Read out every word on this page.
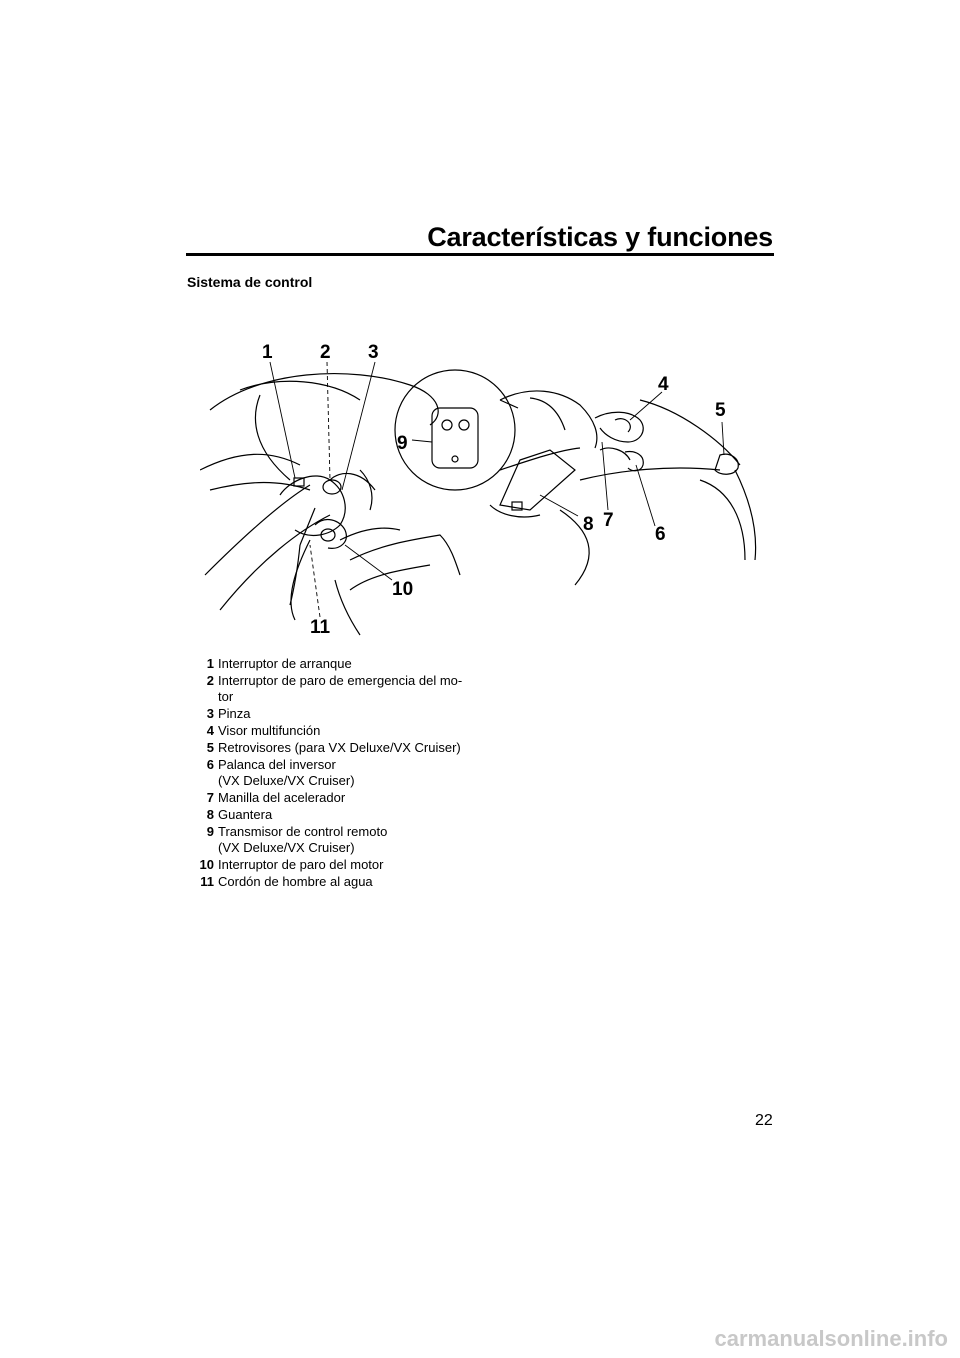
Características y funciones
Sistema de control
1 2 3
4
5
6
7
8
9
10
11
1 Interruptor de arranque
2 Interruptor de paro de emergencia del mo-
tor
3 Pinza
4 Visor multifunción
5 Retrovisores (para VX Deluxe/VX Cruiser)
6 Palanca del inversor
(VX Deluxe/VX Cruiser)
7 Manilla del acelerador
8 Guantera
9 Transmisor de control remoto
(VX Deluxe/VX Cruiser)
10 Interruptor de paro del motor
11 Cordón de hombre al agua
22
carmanualsonline.info
